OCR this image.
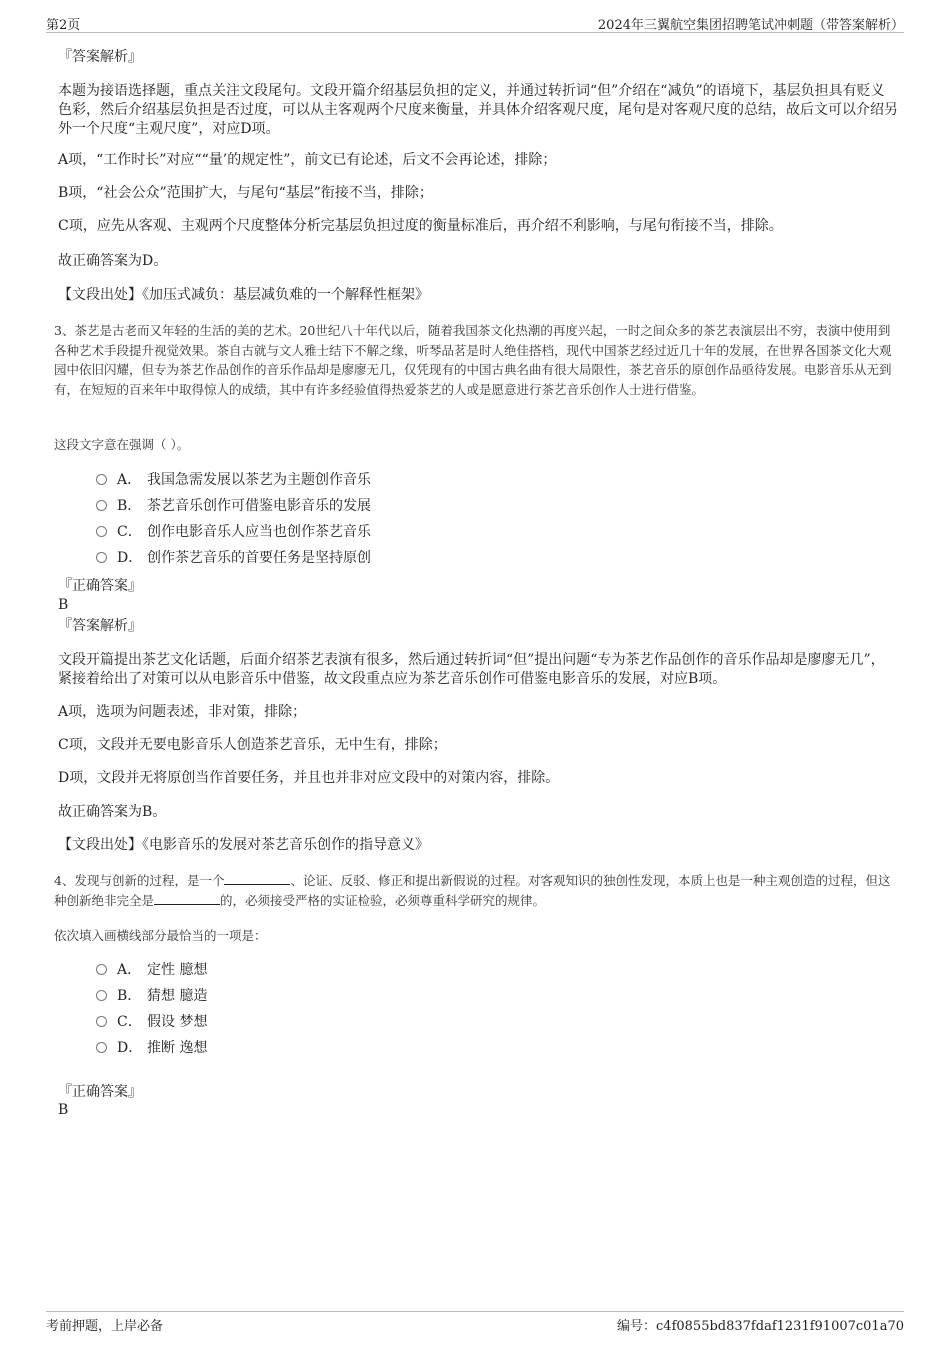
第2页	2024年三翼航空集团招聘笔试冲刺题（带答案解析）

『答案解析』

本题为接语选择题，重点关注文段尾句。文段开篇介绍基层负担的定义，并通过转折词“但”介绍在“减负”的语境下，基层负担具有贬义色彩，然后介绍基层负担是否过度，可以从主客观两个尺度来衡量，并具体介绍客观尺度，尾句是对客观尺度的总结，故后文可以介绍另外一个尺度“主观尺度”，对应D项。

A项，“工作时长”对应““量’的规定性”，前文已有论述，后文不会再论述，排除；

B项，“社会公众”范围扩大，与尾句“基层”衔接不当，排除；

C项，应先从客观、主观两个尺度整体分析完基层负担过度的衡量标准后，再介绍不利影响，与尾句衔接不当，排除。

故正确答案为D。

【文段出处】《加压式减负：基层减负难的一个解释性框架》

3、茶艺是古老而又年轻的生活的美的艺术。20世纪八十年代以后，随着我国茶文化热潮的再度兴起，一时之间众多的茶艺表演层出不穷，表演中使用到各种艺术手段提升视觉效果。茶自古就与文人雅士结下不解之缘，听琴品茗是时人绝佳搭档，现代中国茶艺经过近几十年的发展，在世界各国茶文化大观园中依旧闪耀，但专为茶艺作品创作的音乐作品却是廖廖无几，仅凭现有的中国古典名曲有很大局限性，茶艺音乐的原创作品亟待发展。电影音乐从无到有，在短短的百来年中取得惊人的成绩，其中有许多经验值得热爱茶艺的人或是愿意进行茶艺音乐创作人士进行借鉴。

这段文字意在强调（ ）。

A． 我国急需发展以茶艺为主题创作音乐
B． 茶艺音乐创作可借鉴电影音乐的发展
C． 创作电影音乐人应当也创作茶艺音乐
D． 创作茶艺音乐的首要任务是坚持原创

『正确答案』

B

『答案解析』

文段开篇提出茶艺文化话题，后面介绍茶艺表演有很多，然后通过转折词“但”提出问题“专为茶艺作品创作的音乐作品却是廖廖无几”，紧接着给出了对策可以从电影音乐中借鉴，故文段重点应为茶艺音乐创作可借鉴电影音乐的发展，对应B项。

A项，选项为问题表述，非对策，排除；

C项，文段并无要电影音乐人创造茶艺音乐，无中生有，排除；

D项，文段并无将原创当作首要任务，并且也并非对应文段中的对策内容，排除。

故正确答案为B。

【文段出处】《电影音乐的发展对茶艺音乐创作的指导意义》

4、发现与创新的过程，是一个	、论证、反驳、修正和提出新假说的过程。对客观知识的独创性发现，本质上也是一种主观创造的过程，但这种创新绝非完全是	的，必须接受严格的实证检验，必须尊重科学研究的规律。

依次填入画横线部分最恰当的一项是：

A． 定性 臆想
B． 猜想 臆造
C． 假设 梦想
D． 推断 逸想

『正确答案』

B

考前押题，上岸必备	编号：c4f0855bd837fdaf1231f91007c01a70
